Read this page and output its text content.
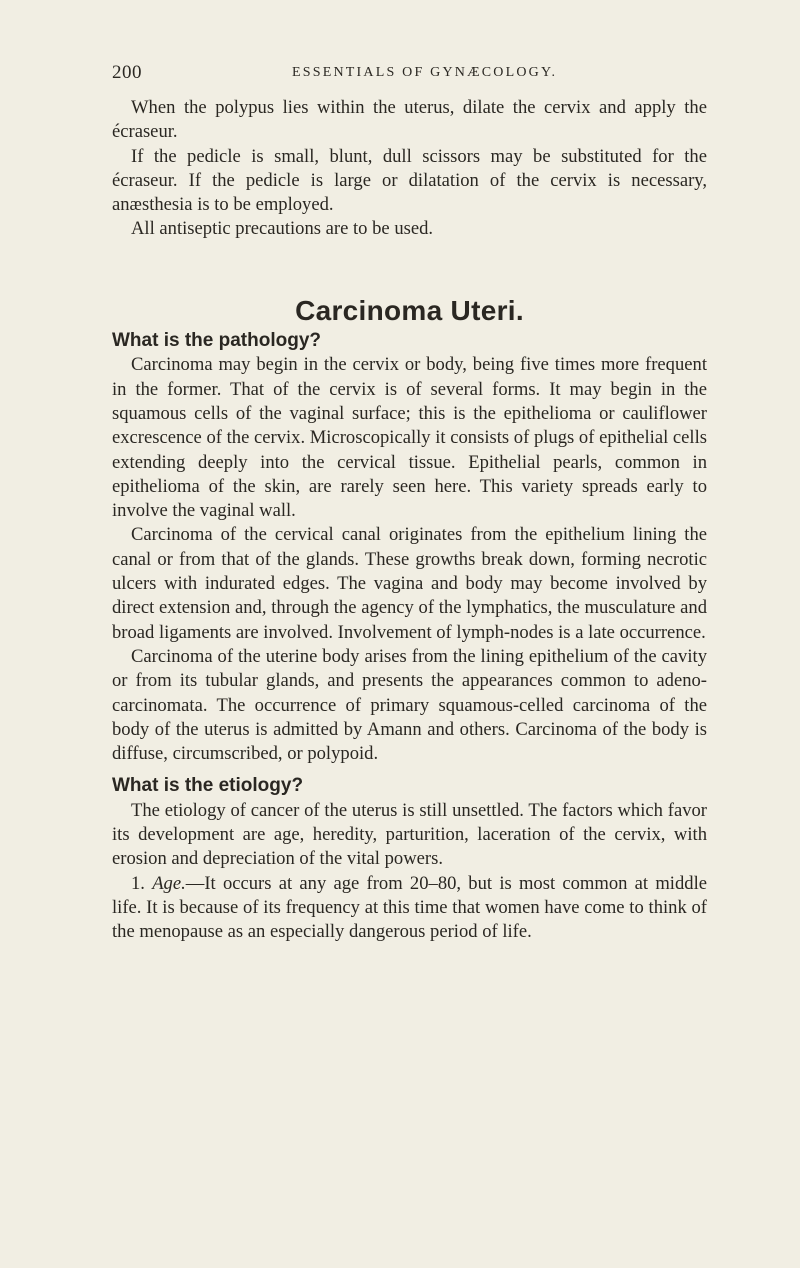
200	ESSENTIALS OF GYNÆCOLOGY.

When the polypus lies within the uterus, dilate the cervix and apply the écraseur.

If the pedicle is small, blunt, dull scissors may be substituted for the écraseur. If the pedicle is large or dilatation of the cervix is necessary, anæsthesia is to be employed.

All antiseptic precautions are to be used.

Carcinoma Uteri.
What is the pathology?

Carcinoma may begin in the cervix or body, being five times more frequent in the former. That of the cervix is of several forms. It may begin in the squamous cells of the vaginal surface; this is the epithelioma or cauliflower excrescence of the cervix. Microscopically it consists of plugs of epithelial cells extending deeply into the cervical tissue. Epithelial pearls, common in epithelioma of the skin, are rarely seen here. This variety spreads early to involve the vaginal wall.

Carcinoma of the cervical canal originates from the epithelium lining the canal or from that of the glands. These growths break down, forming necrotic ulcers with indurated edges. The vagina and body may become involved by direct extension and, through the agency of the lymphatics, the musculature and broad ligaments are involved. Involvement of lymph-nodes is a late occurrence.

Carcinoma of the uterine body arises from the lining epithelium of the cavity or from its tubular glands, and presents the appearances common to adeno-carcinomata. The occurrence of primary squamous-celled carcinoma of the body of the uterus is admitted by Amann and others. Carcinoma of the body is diffuse, circumscribed, or polypoid.

What is the etiology?

The etiology of cancer of the uterus is still unsettled. The factors which favor its development are age, heredity, parturition, laceration of the cervix, with erosion and depreciation of the vital powers.

1. Age.—It occurs at any age from 20–80, but is most common at middle life. It is because of its frequency at this time that women have come to think of the menopause as an especially dangerous period of life.
